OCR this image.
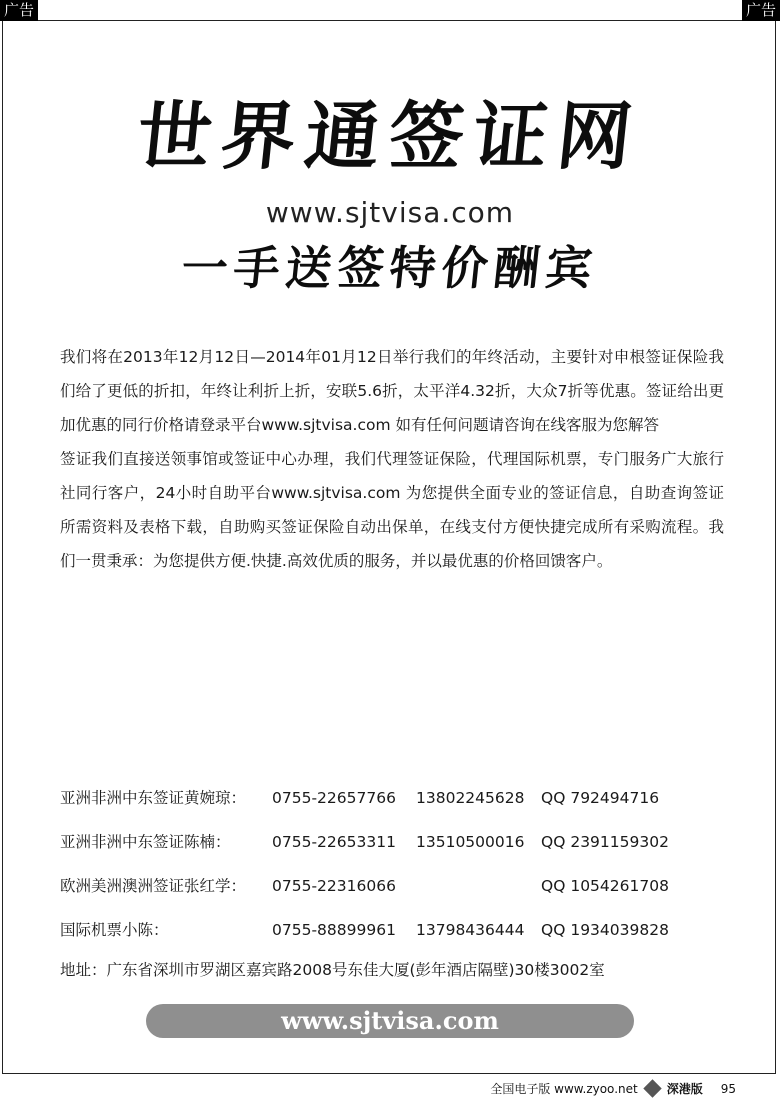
广告	广告
世界通签证网
www.sjtvisa.com
一手送签特价酬宾

我们将在2013年12月12日—2014年01月12日举行我们的年终活动，主要针对申根签证保险我们给了更低的折扣，年终让利折上折，安联5.6折，太平洋4.32折，大众7折等优惠。签证给出更加优惠的同行价格请登录平台www.sjtvisa.com 如有任何问题请咨询在线客服为您解答

签证我们直接送领事馆或签证中心办理，我们代理签证保险，代理国际机票，专门服务广大旅行社同行客户，24小时自助平台www.sjtvisa.com 为您提供全面专业的签证信息，自助查询签证所需资料及表格下载，自助购买签证保险自动出保单，在线支付方便快捷完成所有采购流程。我们一贯秉承：为您提供方便.快捷.高效优质的服务，并以最优惠的价格回馈客户。

亚洲非洲中东签证黄婉琼： 0755-22657766 13802245628 QQ 792494716
亚洲非洲中东签证陈楠：	0755-22653311 13510500016 QQ 2391159302
欧洲美洲澳洲签证张红学： 0755-22316066	QQ 1054261708
国际机票小陈：	0755-88899961 13798436444 QQ 1934039828
地址：广东省深圳市罗湖区嘉宾路2008号东佳大厦(彭年酒店隔壁)30楼3002室
www.sjtvisa.com
全国电子版 www.zyoo.net 深港版 95
